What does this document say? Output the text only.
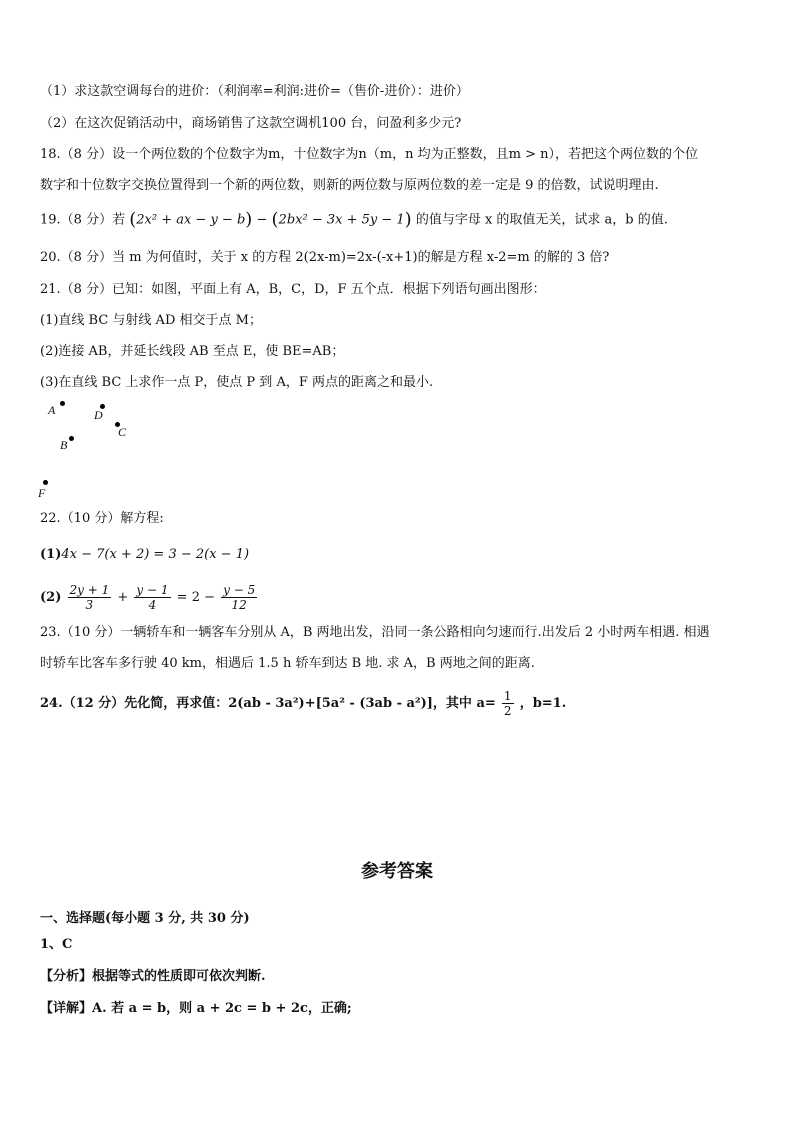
（1）求这款空调每台的进价：（利润率=利润:进价=（售价-进价）：进价）
（2）在这次促销活动中，商场销售了这款空调机100 台，问盈利多少元?
18.（8 分）设一个两位数的个位数字为m，十位数字为n（m，n 均为正整数，且m > n），若把这个两位数的个位
数字和十位数字交换位置得到一个新的两位数，则新的两位数与原两位数的差一定是 9 的倍数，试说明理由.
19.（8 分）若 (2x² + ax − y − b) − (2bx² − 3x + 5y − 1) 的值与字母 x 的取值无关，试求 a，b 的值.
20.（8 分）当 m 为何值时，关于 x 的方程 2(2x-m)=2x-(-x+1)的解是方程 x-2=m 的解的 3 倍?
21.（8 分）已知：如图，平面上有 A，B，C，D，F 五个点．根据下列语句画出图形：
(1)直线 BC 与射线 AD 相交于点 M；
(2)连接 AB，并延长线段 AB 至点 E，使 BE=AB；
(3)在直线 BC 上求作一点 P，使点 P 到 A，F 两点的距离之和最小.
A	D
C
B
F
22.（10 分）解方程:
(1)4x − 7(x + 2) = 3 − 2(x − 1)
$(2) \frac{2y + 1}{3} + \frac{y - 1}{4} = 2 - \frac{y - 5}{12}$
23.（10 分）一辆轿车和一辆客车分别从 A，B 两地出发，沿同一条公路相向匀速而行.出发后 2 小时两车相遇. 相遇
时轿车比客车多行驶 40 km，相遇后 1.5 h 轿车到达 B 地. 求 A，B 两地之间的距离.
24.（12 分）先化简，再求值：2(ab - 3a²)+[5a² - (3ab - a²)]，其中 $a= \frac{1}{2}$ ，b=1.
参考答案
一、选择题(每小题 3 分, 共 30 分)
1、C
【分析】根据等式的性质即可依次判断.
【详解】A. 若 a = b，则 a + 2c = b + 2c，正确;
